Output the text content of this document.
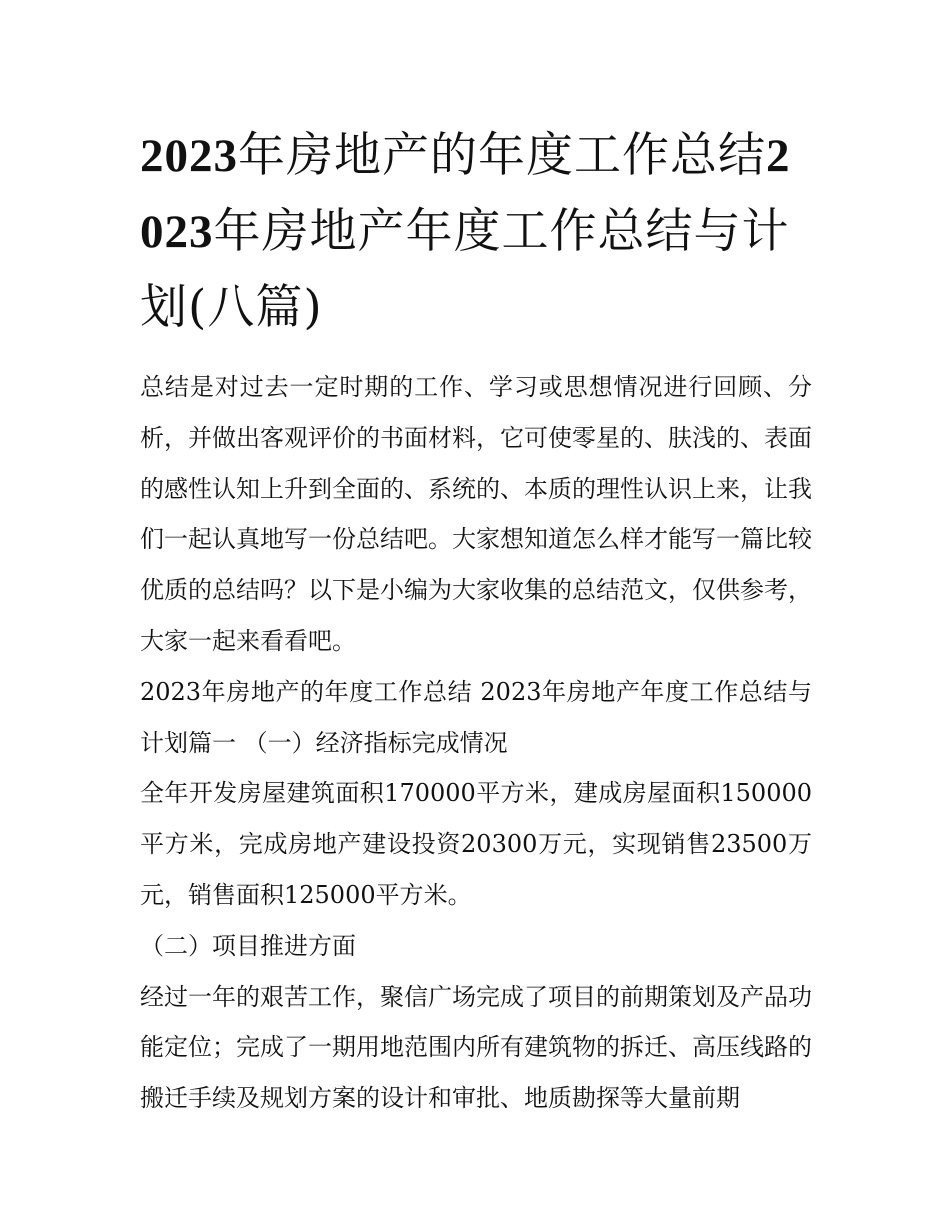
2023年房地产的年度工作总结2023年房地产年度工作总结与计划(八篇)

总结是对过去一定时期的工作、学习或思想情况进行回顾、分析，并做出客观评价的书面材料，它可使零星的、肤浅的、表面的感性认知上升到全面的、系统的、本质的理性认识上来，让我们一起认真地写一份总结吧。大家想知道怎么样才能写一篇比较优质的总结吗？以下是小编为大家收集的总结范文，仅供参考，大家一起来看看吧。

2023年房地产的年度工作总结 2023年房地产年度工作总结与计划篇一 （一）经济指标完成情况

全年开发房屋建筑面积170000平方米，建成房屋面积150000平方米，完成房地产建设投资20300万元，实现销售23500万元，销售面积125000平方米。

（二）项目推进方面

经过一年的艰苦工作，聚信广场完成了项目的前期策划及产品功能定位；完成了一期用地范围内所有建筑物的拆迁、高压线路的搬迁手续及规划方案的设计和审批、地质勘探等大量前期
